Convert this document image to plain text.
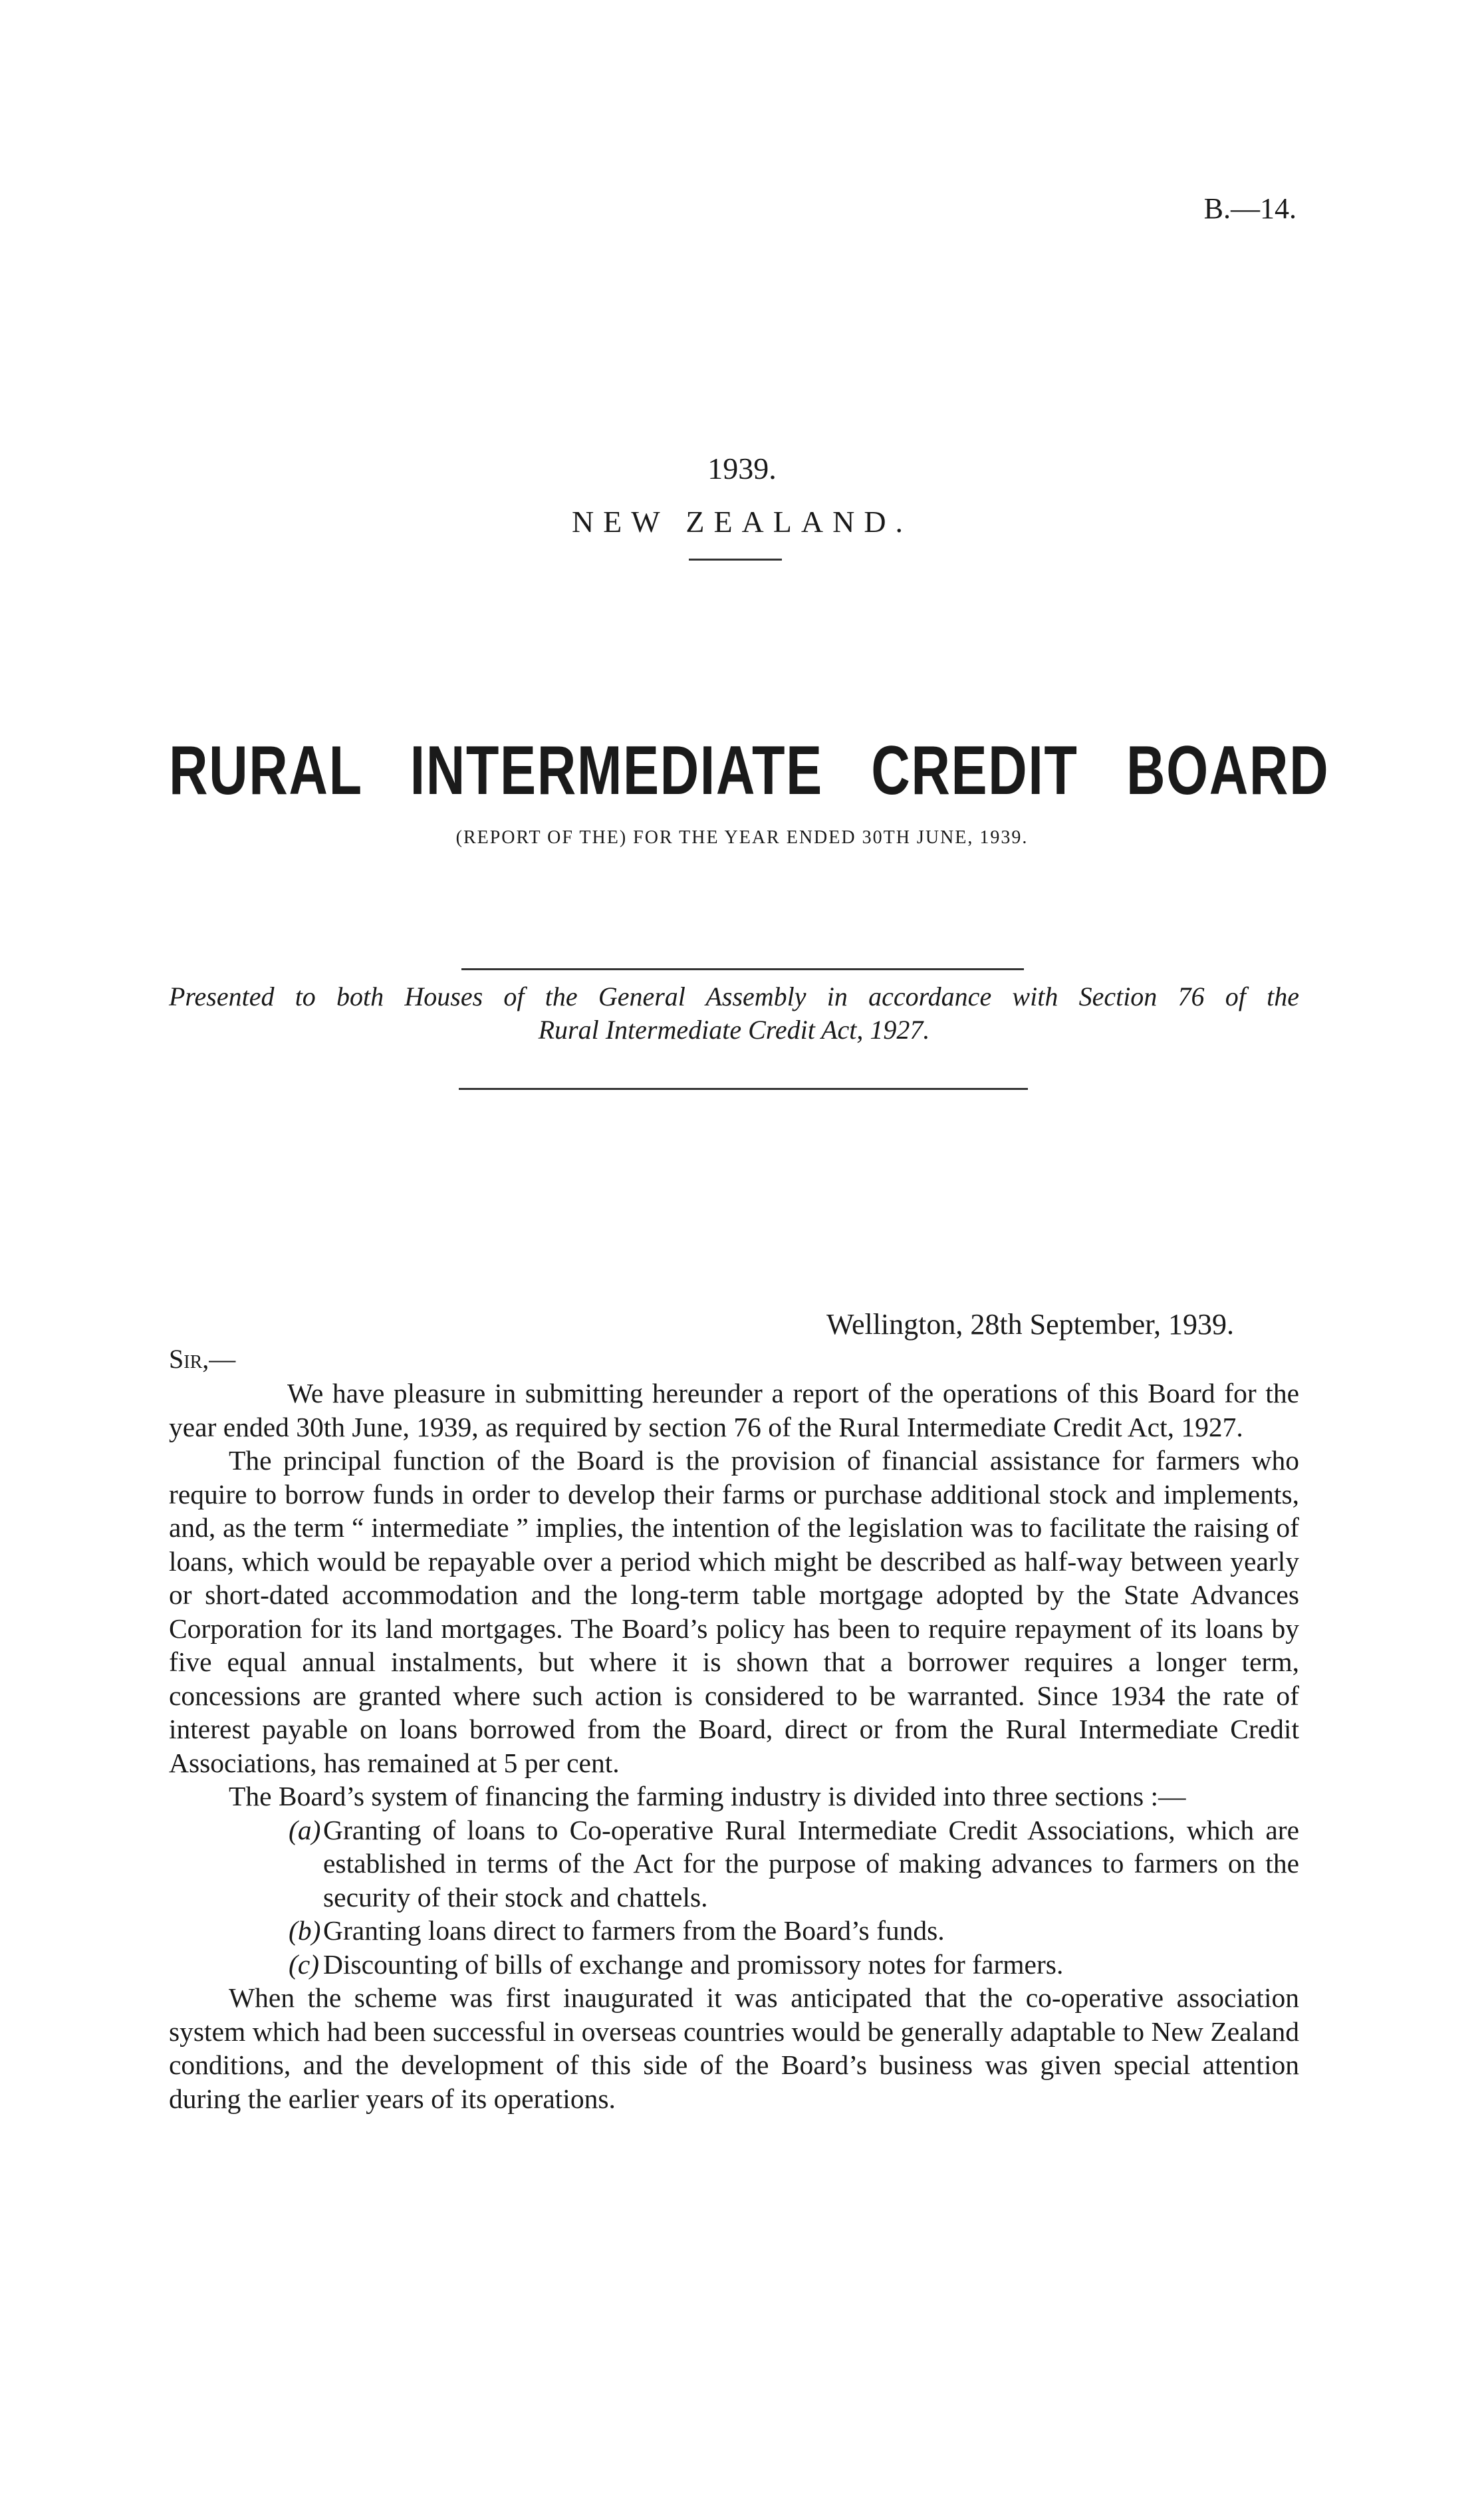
B.—14.
1939.
NEW ZEALAND.
RURAL INTERMEDIATE CREDIT BOARD
(REPORT OF THE) FOR THE YEAR ENDED 30TH JUNE, 1939.
Presented to both Houses of the General Assembly in accordance with Section 76 of the
Rural Intermediate Credit Act, 1927.
Wellington, 28th September, 1939.
Sir,—

We have pleasure in submitting hereunder a report of the operations of this Board for the year ended 30th June, 1939, as required by section 76 of the Rural Intermediate Credit Act, 1927.

The principal function of the Board is the provision of financial assistance for farmers who require to borrow funds in order to develop their farms or purchase additional stock and implements, and, as the term “ intermediate ” implies, the intention of the legislation was to facilitate the raising of loans, which would be repayable over a period which might be described as half-way between yearly or short-dated accommodation and the long-term table mortgage adopted by the State Advances Corporation for its land mortgages. The Board’s policy has been to require repayment of its loans by five equal annual instalments, but where it is shown that a borrower requires a longer term, concessions are granted where such action is considered to be warranted. Since 1934 the rate of interest payable on loans borrowed from the Board, direct or from the Rural Intermediate Credit Associations, has remained at 5 per cent.

The Board’s system of financing the farming industry is divided into three sections :—

(a) Granting of loans to Co-operative Rural Intermediate Credit Associations, which are established in terms of the Act for the purpose of making advances to farmers on the security of their stock and chattels.
(b) Granting loans direct to farmers from the Board’s funds.
(c) Discounting of bills of exchange and promissory notes for farmers.

When the scheme was first inaugurated it was anticipated that the co-operative association system which had been successful in overseas countries would be generally adaptable to New Zealand conditions, and the development of this side of the Board’s business was given special attention during the earlier years of its operations.
